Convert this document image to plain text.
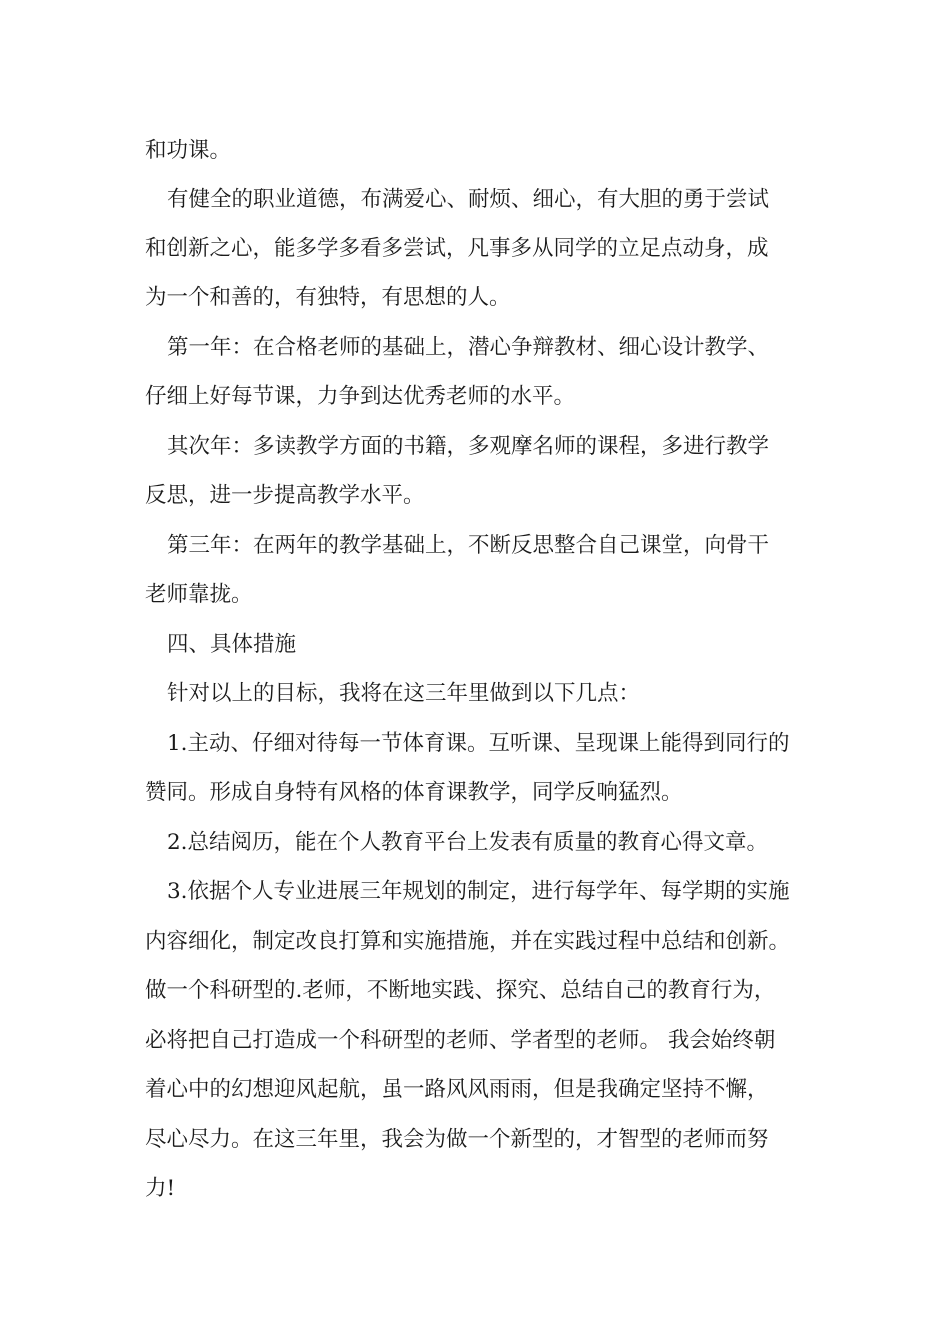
和功课。
有健全的职业道德，布满爱心、耐烦、细心，有大胆的勇于尝试
和创新之心，能多学多看多尝试，凡事多从同学的立足点动身，成
为一个和善的，有独特，有思想的人。
第一年：在合格老师的基础上，潜心争辩教材、细心设计教学、
仔细上好每节课，力争到达优秀老师的水平。
其次年：多读教学方面的书籍，多观摩名师的课程，多进行教学
反思，进一步提高教学水平。
第三年：在两年的教学基础上，不断反思整合自己课堂，向骨干
老师靠拢。
四、具体措施
针对以上的目标，我将在这三年里做到以下几点：
1.主动、仔细对待每一节体育课。互听课、呈现课上能得到同行的
赞同。形成自身特有风格的体育课教学，同学反响猛烈。
2.总结阅历，能在个人教育平台上发表有质量的教育心得文章。
3.依据个人专业进展三年规划的制定，进行每学年、每学期的实施
内容细化，制定改良打算和实施措施，并在实践过程中总结和创新。
做一个科研型的.老师，不断地实践、探究、总结自己的教育行为，
必将把自己打造成一个科研型的老师、学者型的老师。 我会始终朝
着心中的幻想迎风起航，虽一路风风雨雨，但是我确定坚持不懈，
尽心尽力。在这三年里，我会为做一个新型的，才智型的老师而努
力!
